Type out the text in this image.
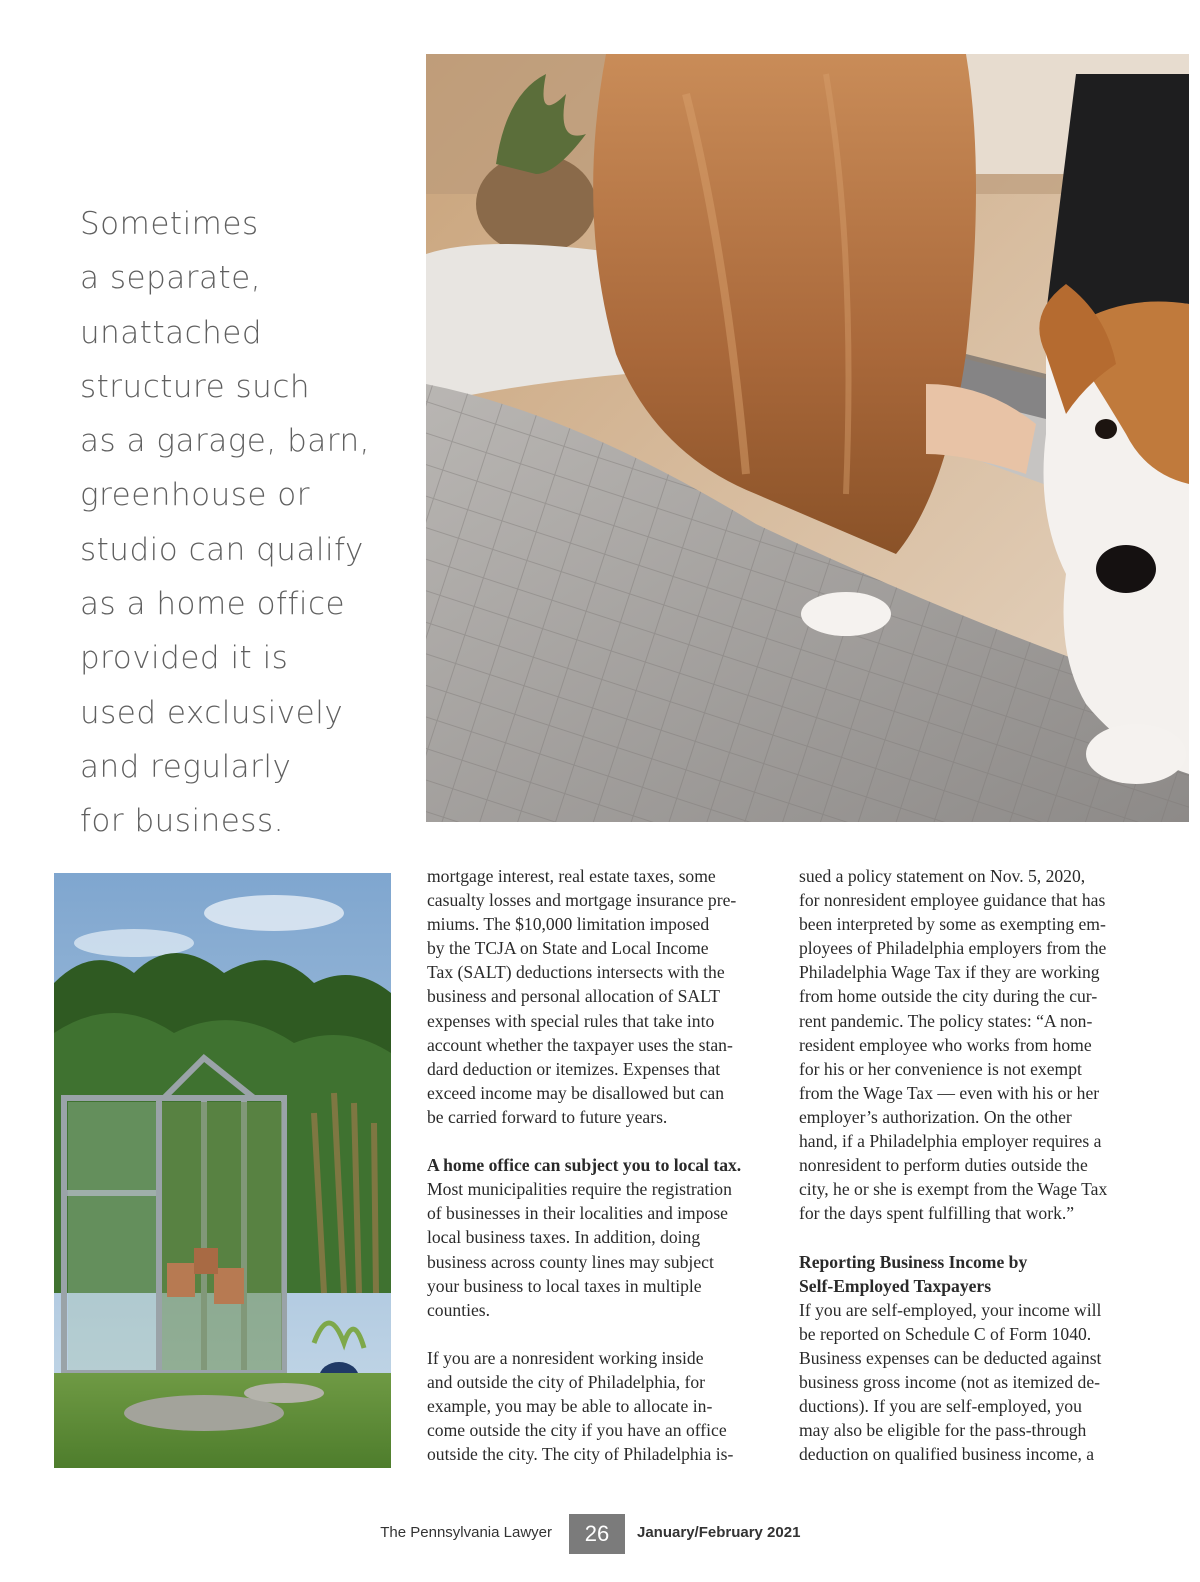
Sometimes
a separate,
unattached
structure such
as a garage, barn,
greenhouse or
studio can qualify
as a home office
provided it is
used exclusively
and regularly
for business.

mortgage interest, real estate taxes, some
casualty losses and mortgage insurance pre-
miums. The $10,000 limitation imposed
by the TCJA on State and Local Income
Tax (SALT) deductions intersects with the
business and personal allocation of SALT
expenses with special rules that take into
account whether the taxpayer uses the stan-
dard deduction or itemizes. Expenses that
exceed income may be disallowed but can
be carried forward to future years.

A home office can subject you to local tax.
Most municipalities require the registration
of businesses in their localities and impose
local business taxes. In addition, doing
business across county lines may subject
your business to local taxes in multiple
counties.

If you are a nonresident working inside
and outside the city of Philadelphia, for
example, you may be able to allocate in-
come outside the city if you have an office
outside the city. The city of Philadelphia is-

sued a policy statement on Nov. 5, 2020,
for nonresident employee guidance that has
been interpreted by some as exempting em-
ployees of Philadelphia employers from the
Philadelphia Wage Tax if they are working
from home outside the city during the cur-
rent pandemic. The policy states: “A non-
resident employee who works from home
for his or her convenience is not exempt
from the Wage Tax — even with his or her
employer’s authorization. On the other
hand, if a Philadelphia employer requires a
nonresident to perform duties outside the
city, he or she is exempt from the Wage Tax
for the days spent fulfilling that work.”

Reporting Business Income by
Self-Employed Taxpayers

If you are self-employed, your income will
be reported on Schedule C of Form 1040.
Business expenses can be deducted against
business gross income (not as itemized de-
ductions). If you are self-employed, you
may also be eligible for the pass-through
deduction on qualified business income, a

The Pennsylvania Lawyer	26	January/February 2021
